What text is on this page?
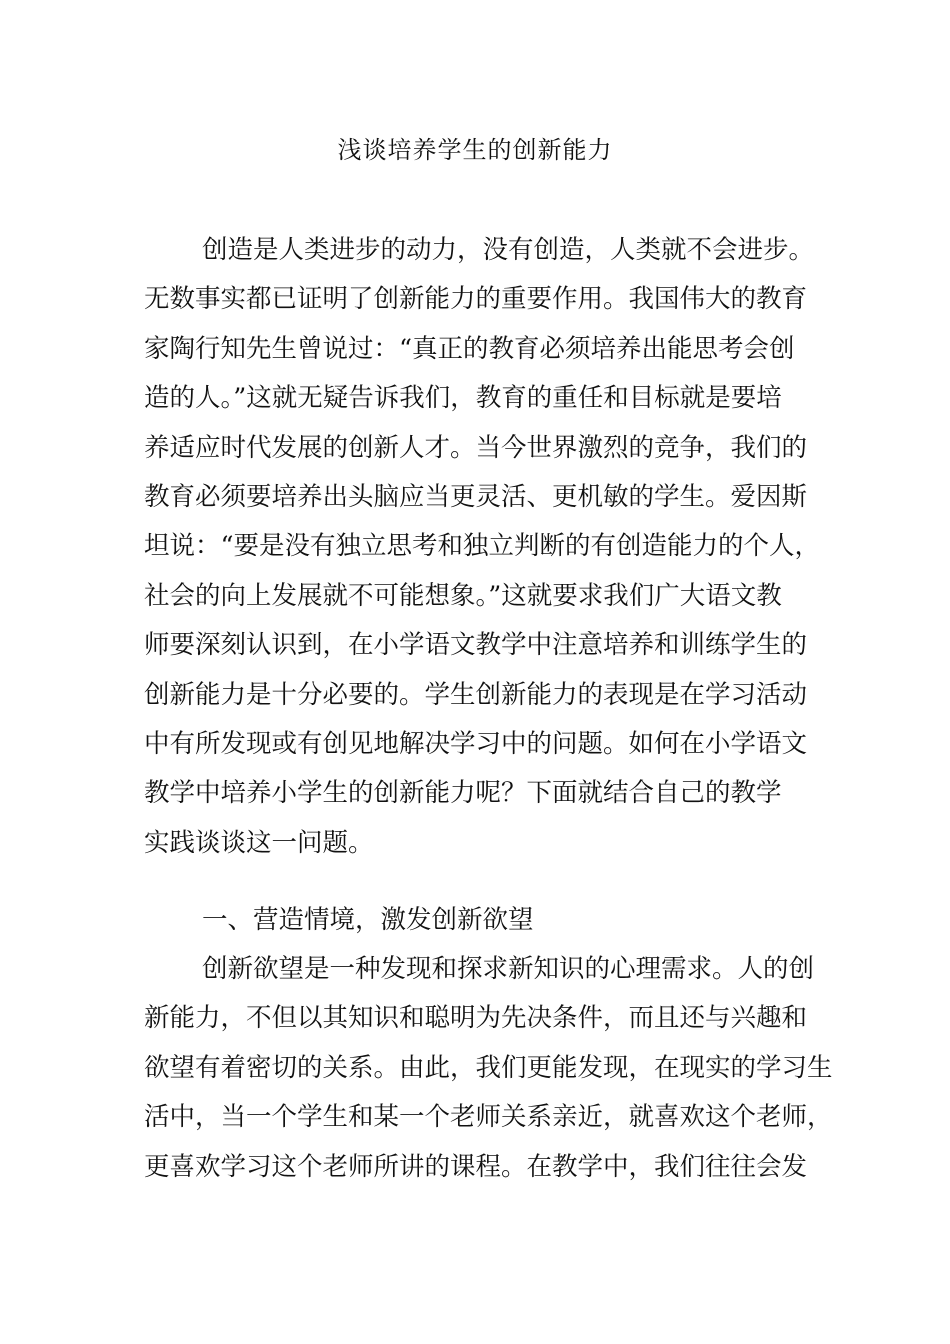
浅谈培养学生的创新能力
创造是人类进步的动力，没有创造，人类就不会进步。
无数事实都已证明了创新能力的重要作用。我国伟大的教育
家陶行知先生曾说过：“真正的教育必须培养出能思考会创
造的人。”这就无疑告诉我们，教育的重任和目标就是要培
养适应时代发展的创新人才。当今世界激烈的竞争，我们的
教育必须要培养出头脑应当更灵活、更机敏的学生。爱因斯
坦说：“要是没有独立思考和独立判断的有创造能力的个人，
社会的向上发展就不可能想象。”这就要求我们广大语文教
师要深刻认识到，在小学语文教学中注意培养和训练学生的
创新能力是十分必要的。学生创新能力的表现是在学习活动
中有所发现或有创见地解决学习中的问题。如何在小学语文
教学中培养小学生的创新能力呢？下面就结合自己的教学
实践谈谈这一问题。
一、营造情境，激发创新欲望
创新欲望是一种发现和探求新知识的心理需求。人的创
新能力，不但以其知识和聪明为先决条件，而且还与兴趣和
欲望有着密切的关系。由此，我们更能发现，在现实的学习生
活中，当一个学生和某一个老师关系亲近，就喜欢这个老师，
更喜欢学习这个老师所讲的课程。在教学中，我们往往会发
